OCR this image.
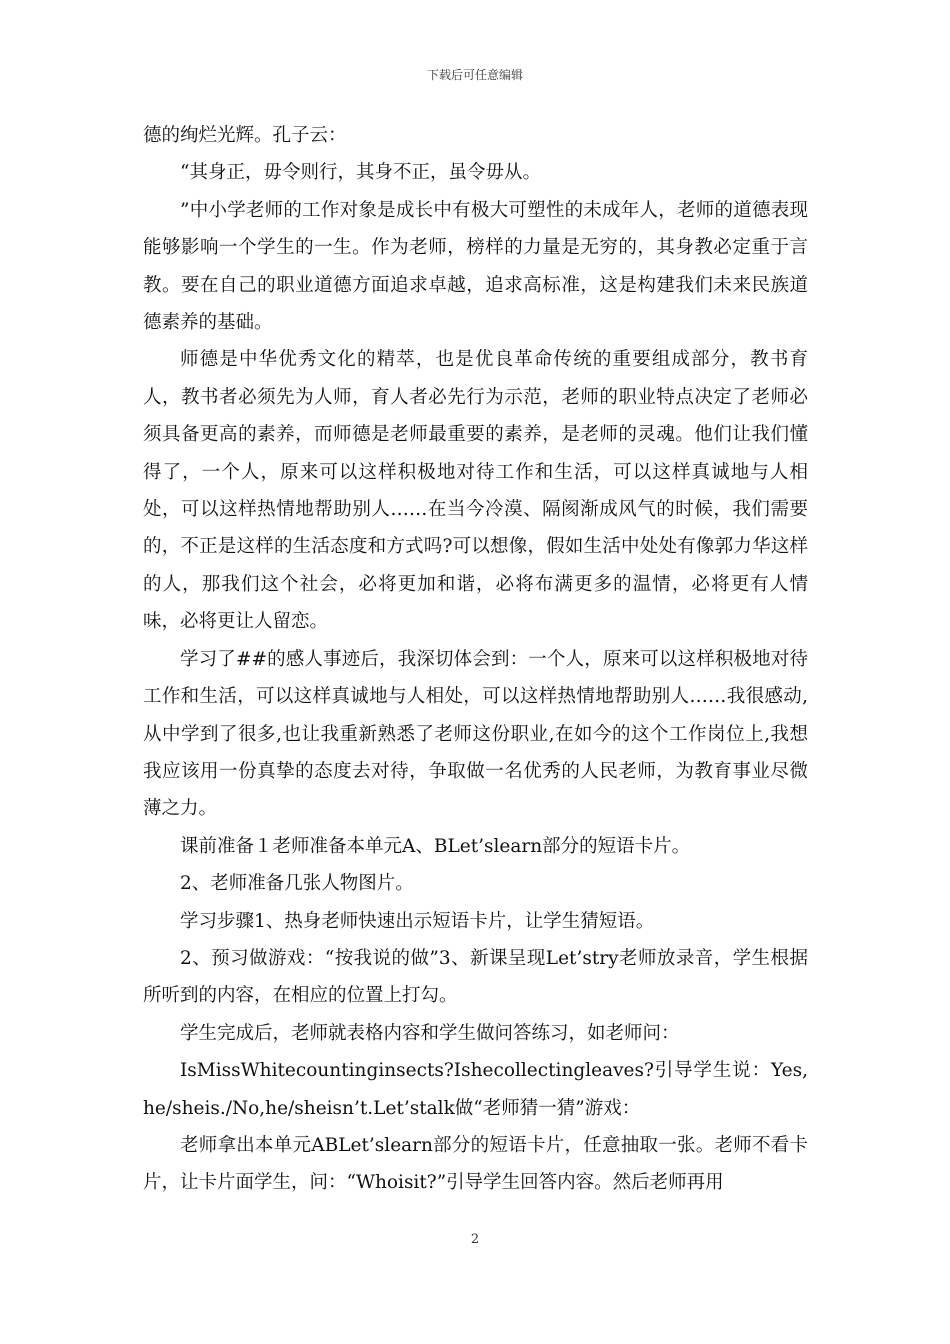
下载后可任意编辑

德的绚烂光辉。孔子云：

“其身正，毋令则行，其身不正，虽令毋从。

”中小学老师的工作对象是成长中有极大可塑性的未成年人，老师的道德表现能够影响一个学生的一生。作为老师，榜样的力量是无穷的，其身教必定重于言教。要在自己的职业道德方面追求卓越，追求高标准，这是构建我们未来民族道德素养的基础。

师德是中华优秀文化的精萃，也是优良革命传统的重要组成部分，教书育人，教书者必须先为人师，育人者必先行为示范，老师的职业特点决定了老师必须具备更高的素养，而师德是老师最重要的素养，是老师的灵魂。他们让我们懂得了，一个人，原来可以这样积极地对待工作和生活，可以这样真诚地与人相处，可以这样热情地帮助别人……在当今冷漠、隔阂渐成风气的时候，我们需要的，不正是这样的生活态度和方式吗?可以想像，假如生活中处处有像郭力华这样的人，那我们这个社会，必将更加和谐，必将布满更多的温情，必将更有人情味，必将更让人留恋。

学习了##的感人事迹后，我深切体会到：一个人，原来可以这样积极地对待工作和生活，可以这样真诚地与人相处，可以这样热情地帮助别人……我很感动,从中学到了很多,也让我重新熟悉了老师这份职业,在如今的这个工作岗位上,我想我应该用一份真挚的态度去对待，争取做一名优秀的人民老师，为教育事业尽微薄之力。

课前准备１老师准备本单元A、BLet’slearn部分的短语卡片。

2、老师准备几张人物图片。

学习步骤1、热身老师快速出示短语卡片，让学生猜短语。

2、预习做游戏：“按我说的做”3、新课呈现Let’stry老师放录音，学生根据所听到的内容，在相应的位置上打勾。

学生完成后，老师就表格内容和学生做问答练习，如老师问：

IsMissWhitecountinginsects?Ishecollectingleaves?引导学生说：Yes,he/sheis./No,he/sheisn’t.Let’stalk做“老师猜一猜”游戏：

老师拿出本单元ABLet’slearn部分的短语卡片，任意抽取一张。老师不看卡片，让卡片面学生，问：“Whoisit?”引导学生回答内容。然后老师再用

2
